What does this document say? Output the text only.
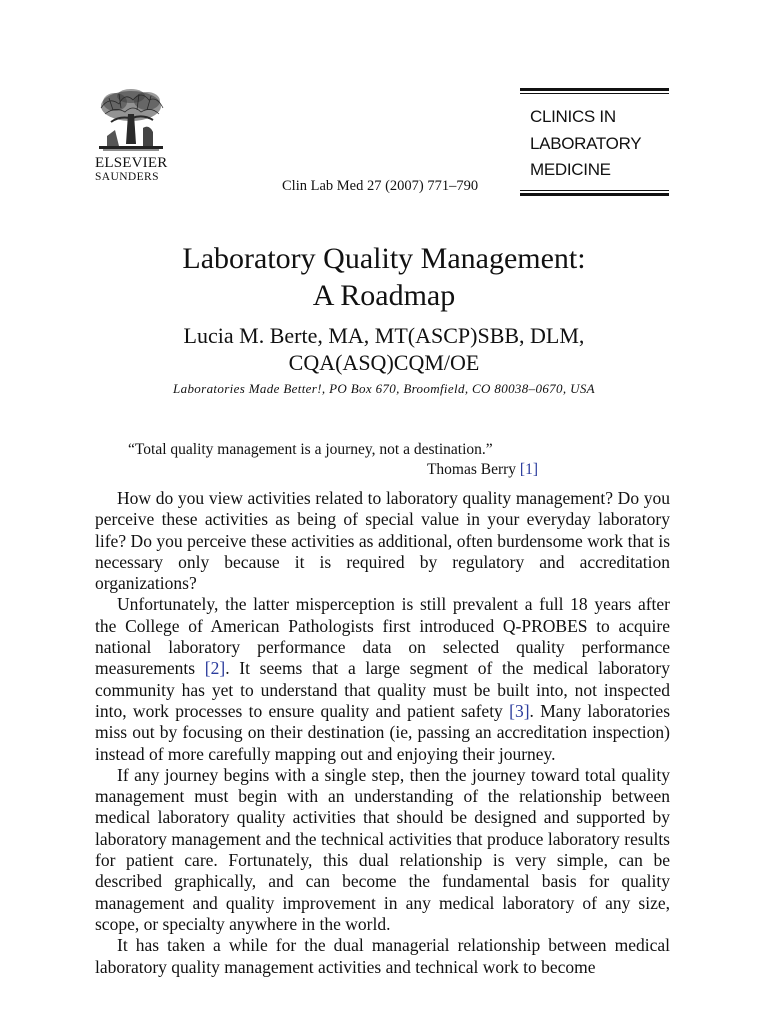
ELSEVIER
SAUNDERS
Clin Lab Med 27 (2007) 771–790
CLINICS IN
LABORATORY
MEDICINE
Laboratory Quality Management:
A Roadmap
Lucia M. Berte, MA, MT(ASCP)SBB, DLM,
CQA(ASQ)CQM/OE
Laboratories Made Better!, PO Box 670, Broomfield, CO 80038–0670, USA
“Total quality management is a journey, not a destination.”
Thomas Berry [1]

How do you view activities related to laboratory quality management? Do you perceive these activities as being of special value in your everyday laboratory life? Do you perceive these activities as additional, often burdensome work that is necessary only because it is required by regulatory and accreditation organizations?

Unfortunately, the latter misperception is still prevalent a full 18 years after the College of American Pathologists first introduced Q-PROBES to acquire national laboratory performance data on selected quality performance measurements [2]. It seems that a large segment of the medical laboratory community has yet to understand that quality must be built into, not inspected into, work processes to ensure quality and patient safety [3]. Many laboratories miss out by focusing on their destination (ie, passing an accreditation inspection) instead of more carefully mapping out and enjoying their journey.

If any journey begins with a single step, then the journey toward total quality management must begin with an understanding of the relationship between medical laboratory quality activities that should be designed and supported by laboratory management and the technical activities that produce laboratory results for patient care. Fortunately, this dual relationship is very simple, can be described graphically, and can become the fundamental basis for quality management and quality improvement in any medical laboratory of any size, scope, or specialty anywhere in the world.

It has taken a while for the dual managerial relationship between medical laboratory quality management activities and technical work to become
